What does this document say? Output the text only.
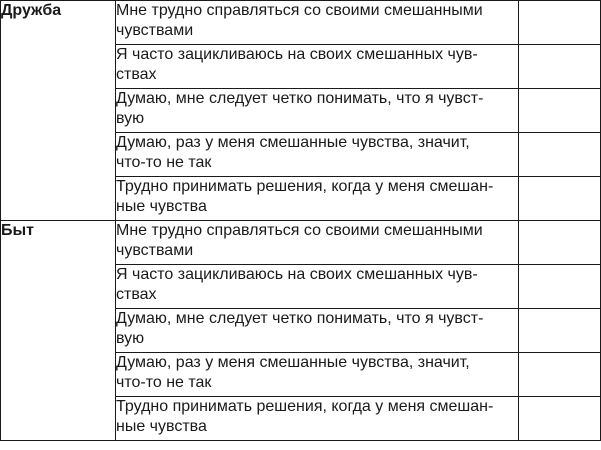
Дружба	Мне трудно справляться со своими смешанными
чувствами	

	Я часто зацикливаюсь на своих смешанных чув-
ствах	

	Думаю, мне следует четко понимать, что я чувст-
вую	

	Думаю, раз у меня смешанные чувства, значит,
что-то не так	

	Трудно принимать решения, когда у меня смешан-
ные чувства	

Быт	Мне трудно справляться со своими смешанными
чувствами	

	Я часто зацикливаюсь на своих смешанных чув-
ствах	

	Думаю, мне следует четко понимать, что я чувст-
вую	

	Думаю, раз у меня смешанные чувства, значит,
что-то не так	

	Трудно принимать решения, когда у меня смешан-
ные чувства	
